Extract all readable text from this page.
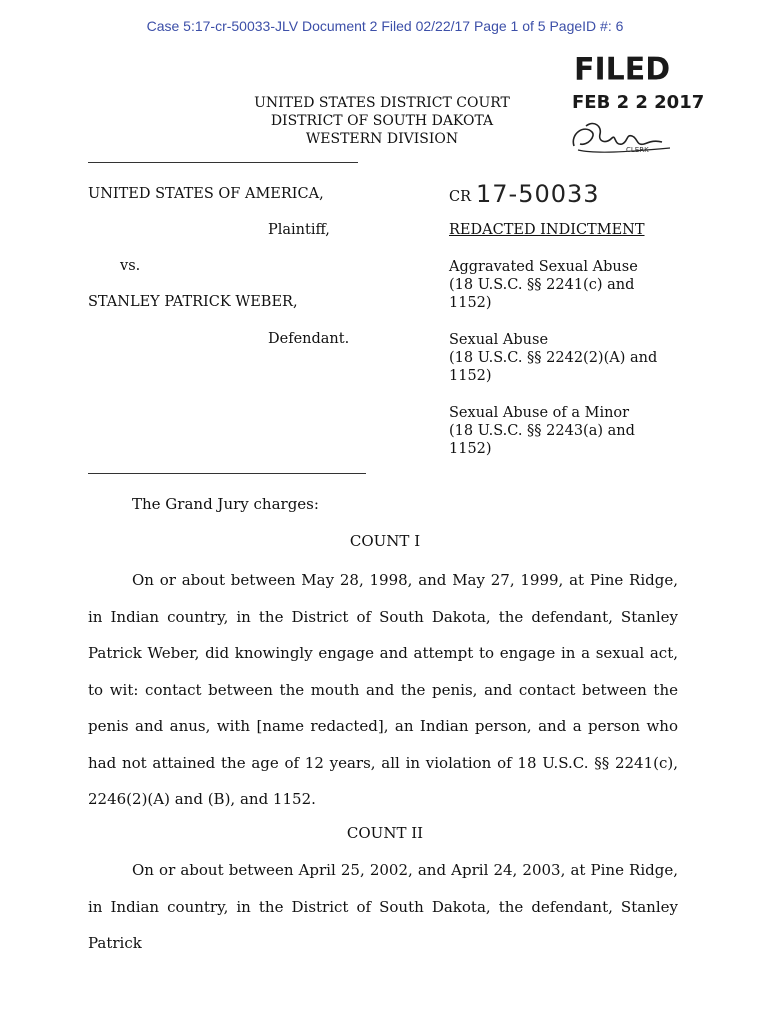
Case 5:17-cr-50033-JLV Document 2 Filed 02/22/17 Page 1 of 5 PageID #: 6
UNITED STATES DISTRICT COURT
DISTRICT OF SOUTH DAKOTA
WESTERN DIVISION
FILED
FEB 2 2 2017
CLERK
UNITED STATES OF AMERICA,
Plaintiff,
vs.
STANLEY PATRICK WEBER,
Defendant.
CR 17-50033
REDACTED INDICTMENT
Aggravated Sexual Abuse
(18 U.S.C. §§ 2241(c) and
1152)
Sexual Abuse
(18 U.S.C. §§ 2242(2)(A) and
1152)
Sexual Abuse of a Minor
(18 U.S.C. §§ 2243(a) and
1152)
The Grand Jury charges:
COUNT I
On or about between May 28, 1998, and May 27, 1999, at Pine Ridge, in Indian country, in the District of South Dakota, the defendant, Stanley Patrick Weber, did knowingly engage and attempt to engage in a sexual act, to wit: contact between the mouth and the penis, and contact between the penis and anus, with [name redacted], an Indian person, and a person who had not attained the age of 12 years, all in violation of 18 U.S.C. §§ 2241(c), 2246(2)(A) and (B), and 1152.
COUNT II
On or about between April 25, 2002, and April 24, 2003, at Pine Ridge, in Indian country, in the District of South Dakota, the defendant, Stanley Patrick
